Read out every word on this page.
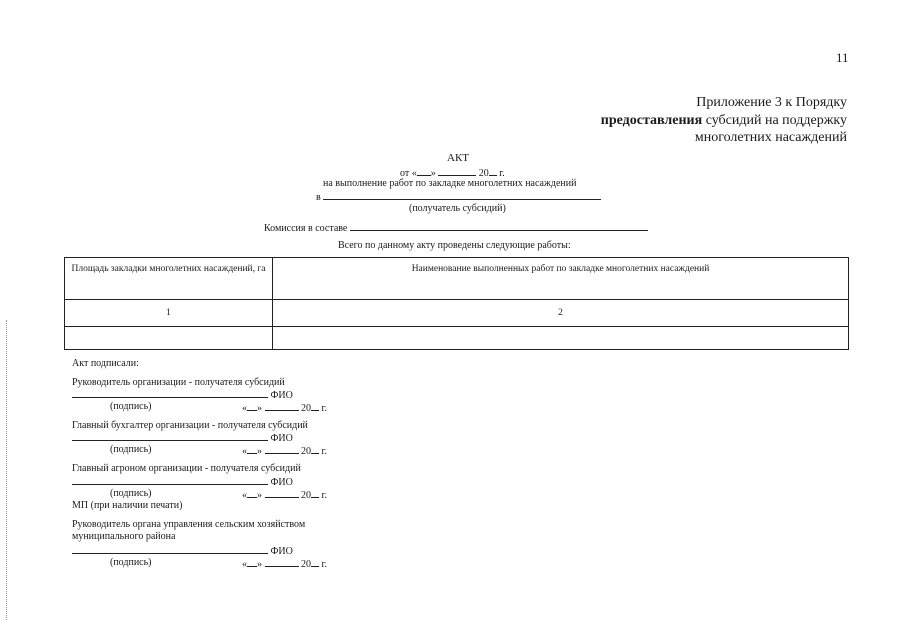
11
Приложение 3 к Порядку
предоставления субсидий на поддержку
многолетних насаждений
АКТ
от « »	20 г.
на выполнение работ по закладке многолетних насаждений
в
(получатель субсидий)
Комиссия в составе
Всего по данному акту проведены следующие работы:
Площадь закладки многолетних насаждений, га	Наименование выполненных работ по закладке многолетних насаждений
1	2

Акт подписали:
Руководитель организации - получателя субсидий
ФИО
(подпись)	« »	20 г.
Главный бухгалтер организации - получателя субсидий
ФИО
(подпись)	« »	20 г.
Главный агроном организации - получателя субсидий
ФИО
(подпись)	« »	20 г.
МП (при наличии печати)
Руководитель органа управления сельским хозяйством
муниципального района
ФИО
(подпись)	« »	20 г.
